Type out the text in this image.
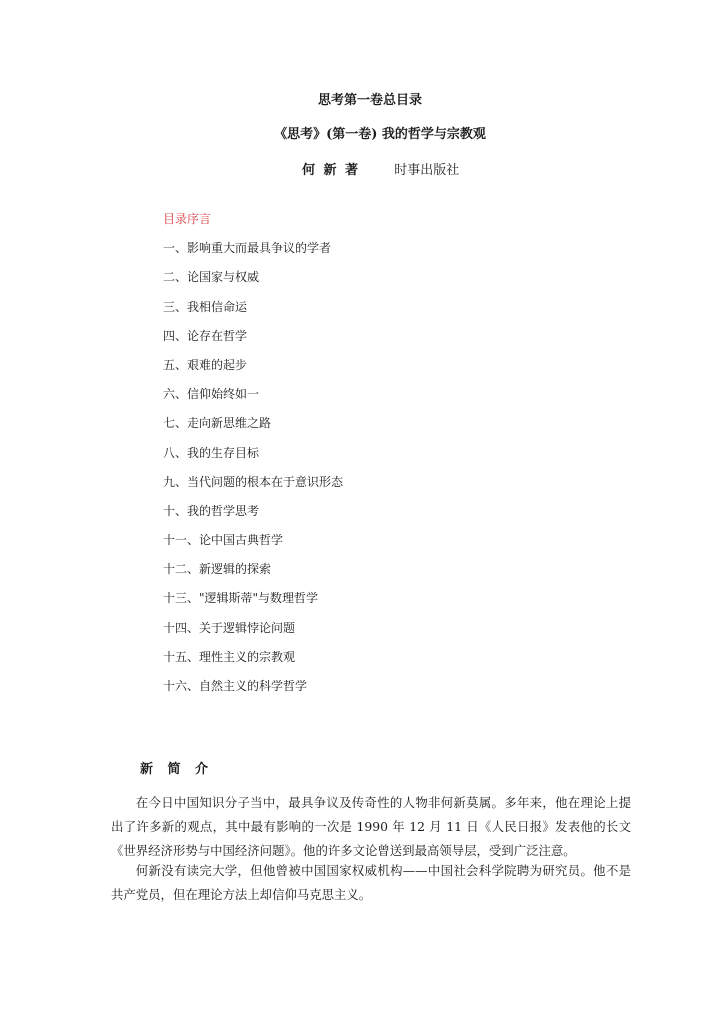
思考第一卷总目录
《思考》(第一卷) 我的哲学与宗教观
何 新 著	时事出版社
目录序言
一、影响重大而最具争议的学者
二、论国家与权威
三、我相信命运
四、论存在哲学
五、艰难的起步
六、信仰始终如一
七、走向新思维之路
八、我的生存目标
九、当代问题的根本在于意识形态
十、我的哲学思考
十一、论中国古典哲学
十二、新逻辑的探索
十三、"逻辑斯蒂"与数理哲学
十四、关于逻辑悖论问题
十五、理性主义的宗教观
十六、自然主义的科学哲学
新 简 介

在今日中国知识分子当中，最具争议及传奇性的人物非何新莫属。多年来，他在理论上提出了许多新的观点，其中最有影响的一次是 1990 年 12 月 11 日《人民日报》发表他的长文《世界经济形势与中国经济问题》。他的许多文论曾送到最高领导层，受到广泛注意。

何新没有读完大学，但他曾被中国国家权威机构——中国社会科学院聘为研究员。他不是共产党员，但在理论方法上却信仰马克思主义。
